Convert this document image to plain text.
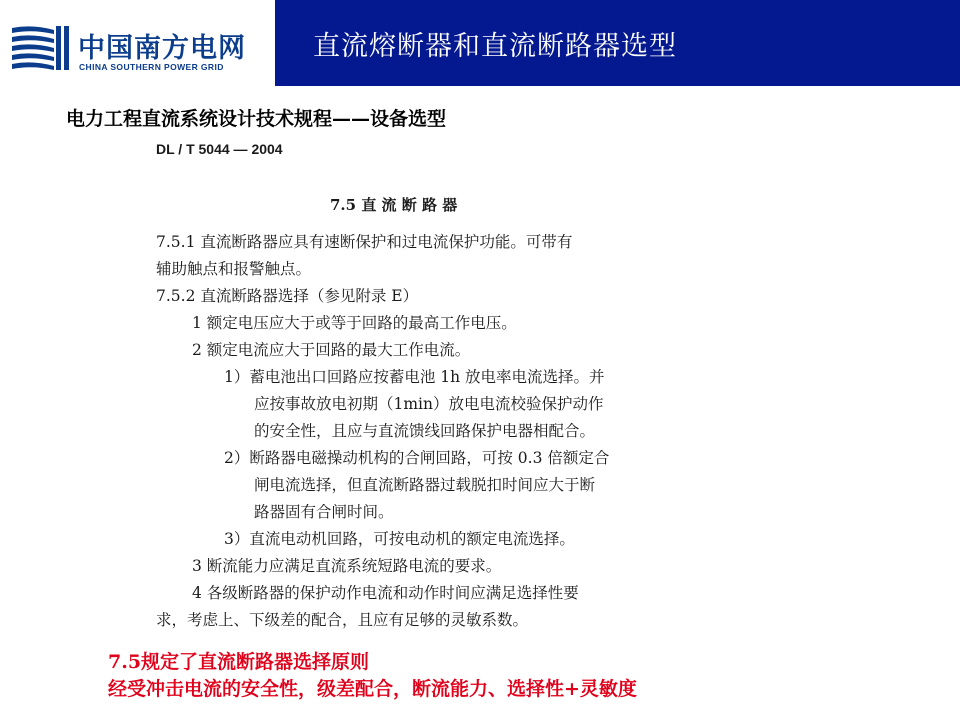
中国南方电网
CHINA SOUTHERN POWER GRID
直流熔断器和直流断路器选型
电力工程直流系统设计技术规程——设备选型
DL / T 5044 — 2004
7.5 直 流 断 路 器
7.5.1 直流断路器应具有速断保护和过电流保护功能。可带有
辅助触点和报警触点。
7.5.2 直流断路器选择（参见附录 E）
1 额定电压应大于或等于回路的最高工作电压。
2 额定电流应大于回路的最大工作电流。
1）蓄电池出口回路应按蓄电池 1h 放电率电流选择。并
应按事故放电初期（1min）放电电流校验保护动作
的安全性，且应与直流馈线回路保护电器相配合。
2）断路器电磁操动机构的合闸回路，可按 0.3 倍额定合
闸电流选择，但直流断路器过载脱扣时间应大于断
路器固有合闸时间。
3）直流电动机回路，可按电动机的额定电流选择。
3 断流能力应满足直流系统短路电流的要求。
4 各级断路器的保护动作电流和动作时间应满足选择性要
求，考虑上、下级差的配合，且应有足够的灵敏系数。
7.5规定了直流断路器选择原则
经受冲击电流的安全性，级差配合，断流能力、选择性+灵敏度
